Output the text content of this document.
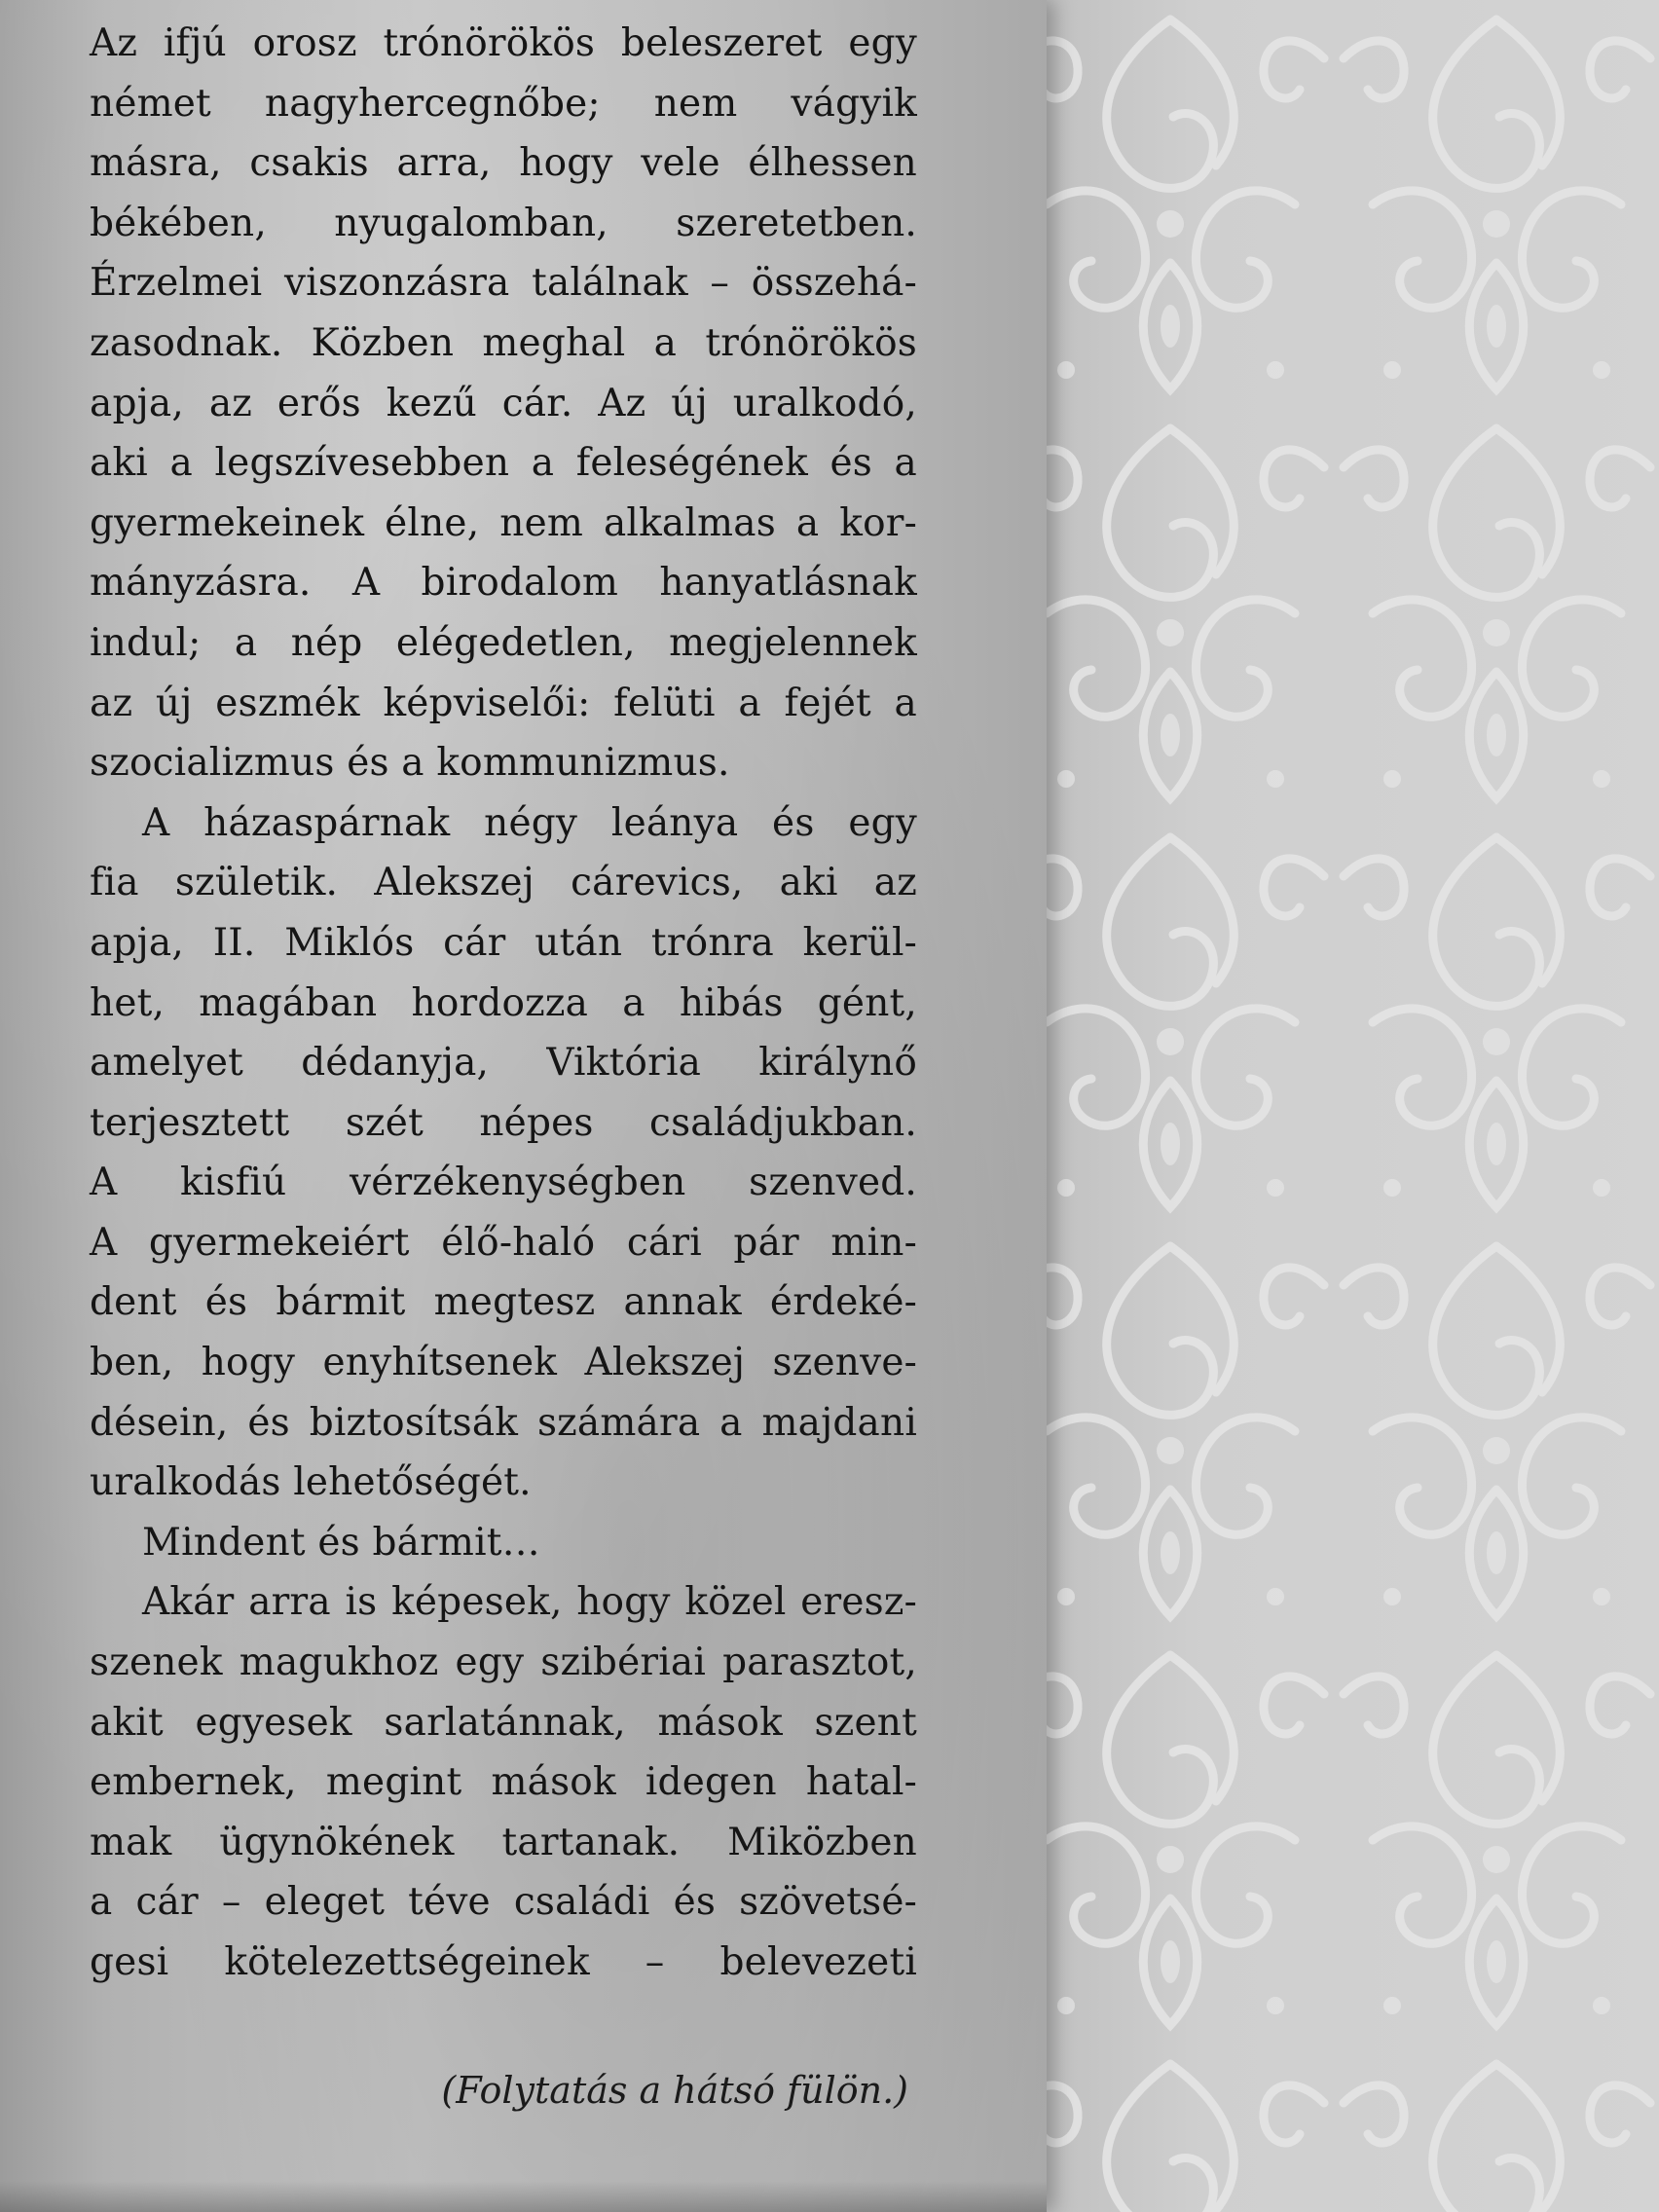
Az ifjú orosz trónörökös beleszeret egy
német nagyhercegnőbe; nem vágyik
másra, csakis arra, hogy vele élhessen
békében, nyugalomban, szeretetben.
Érzelmei viszonzásra találnak – összehá-
zasodnak. Közben meghal a trónörökös
apja, az erős kezű cár. Az új uralkodó,
aki a legszívesebben a feleségének és a
gyermekeinek élne, nem alkalmas a kor-
mányzásra. A birodalom hanyatlásnak
indul; a nép elégedetlen, megjelennek
az új eszmék képviselői: felüti a fejét a
szocializmus és a kommunizmus.
A házaspárnak négy leánya és egy
fia születik. Alekszej cárevics, aki az
apja, II. Miklós cár után trónra kerül-
het, magában hordozza a hibás gént,
amelyet dédanyja, Viktória királynő
terjesztett szét népes családjukban.
A kisfiú vérzékenységben szenved.
A gyermekeiért élő-haló cári pár min-
dent és bármit megtesz annak érdeké-
ben, hogy enyhítsenek Alekszej szenve-
désein, és biztosítsák számára a majdani
uralkodás lehetőségét.
Mindent és bármit…
Akár arra is képesek, hogy közel eresz-
szenek magukhoz egy szibériai parasztot,
akit egyesek sarlatánnak, mások szent
embernek, megint mások idegen hatal-
mak ügynökének tartanak. Miközben
a cár – eleget téve családi és szövetsé-
gesi kötelezettségeinek – belevezeti
(Folytatás a hátsó fülön.)
